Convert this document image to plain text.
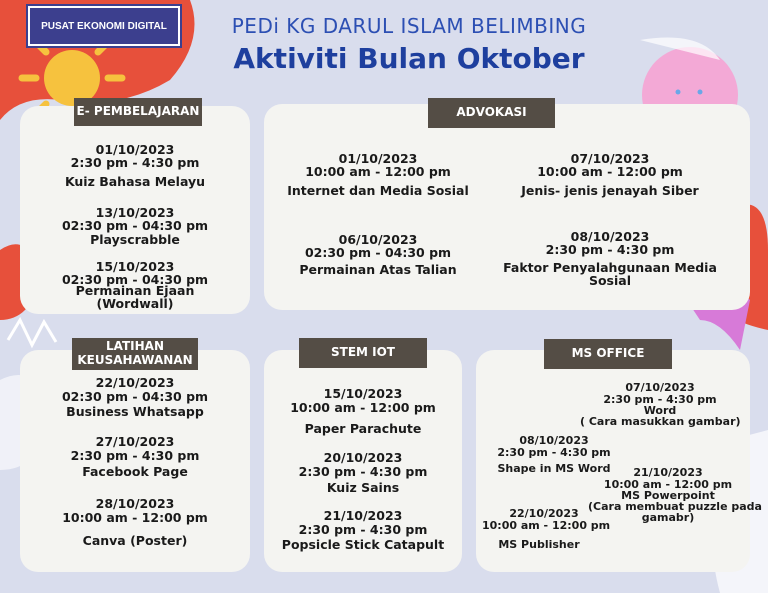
PUSAT EKONOMI DIGITAL	PEDi KG DARUL ISLAM BELIMBING
Aktiviti Bulan Oktober
E- PEMBELAJARAN
01/10/2023
2:30 pm - 4:30 pm
Kuiz Bahasa Melayu
13/10/2023
02:30 pm - 04:30 pm
Playscrabble
15/10/2023
02:30 pm - 04:30 pm
Permainan Ejaan
(Wordwall)
ADVOKASI
01/10/2023
10:00 am - 12:00 pm
Internet dan Media Sosial
07/10/2023
10:00 am - 12:00 pm
Jenis- jenis jenayah Siber
06/10/2023
02:30 pm - 04:30 pm
Permainan Atas Talian
08/10/2023
2:30 pm - 4:30 pm
Faktor Penyalahgunaan Media
Sosial
LATIHAN
KEUSAHAWANAN
22/10/2023
02:30 pm - 04:30 pm
Business Whatsapp
27/10/2023
2:30 pm - 4:30 pm
Facebook Page
28/10/2023
10:00 am - 12:00 pm
Canva (Poster)
STEM IOT
15/10/2023
10:00 am - 12:00 pm
Paper Parachute
20/10/2023
2:30 pm - 4:30 pm
Kuiz Sains
21/10/2023
2:30 pm - 4:30 pm
Popsicle Stick Catapult
MS OFFICE
07/10/2023
2:30 pm - 4:30 pm
Word
( Cara masukkan gambar)
08/10/2023
2:30 pm - 4:30 pm
Shape in MS Word	21/10/2023
10:00 am - 12:00 pm
MS Powerpoint
(Cara membuat puzzle pada
gamabr)
22/10/2023
10:00 am - 12:00 pm
MS Publisher
